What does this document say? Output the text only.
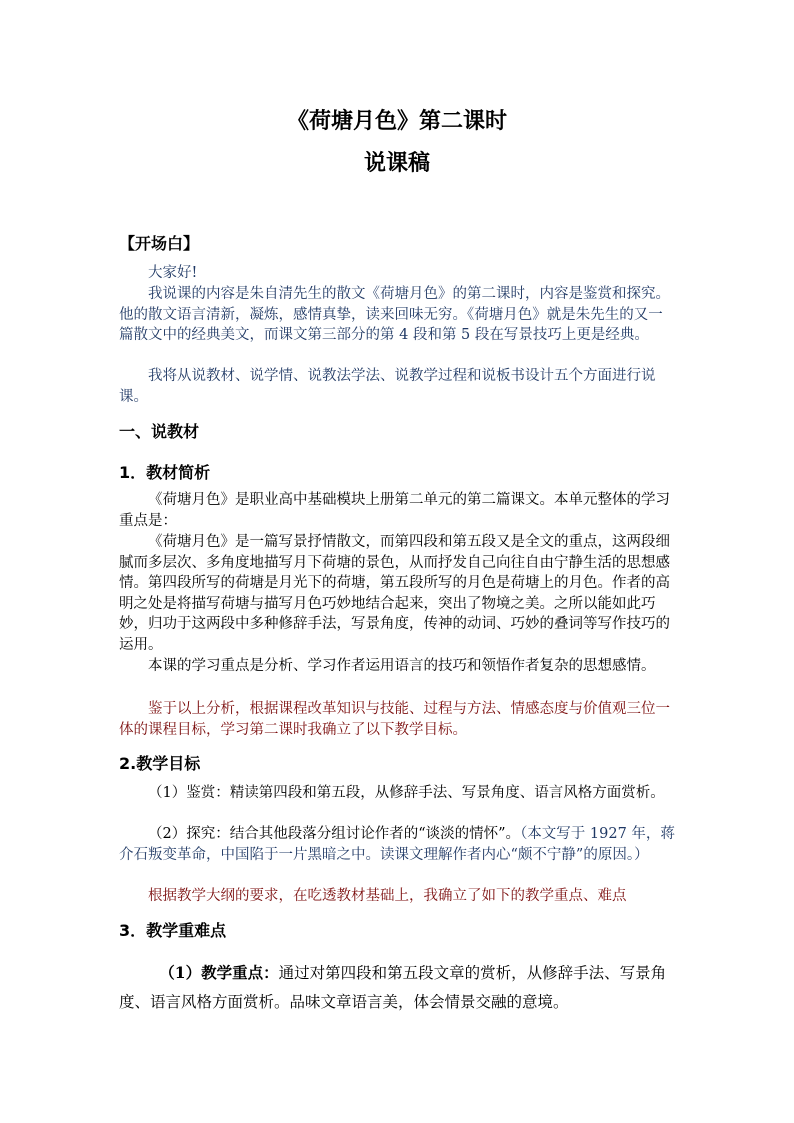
《荷塘月色》第二课时
说课稿
【开场白】

大家好!

我说课的内容是朱自清先生的散文《荷塘月色》的第二课时，内容是鉴赏和探究。他的散文语言清新，凝炼，感情真挚，读来回味无穷。《荷塘月色》就是朱先生的又一篇散文中的经典美文，而课文第三部分的第 4 段和第 5 段在写景技巧上更是经典。

我将从说教材、说学情、说教法学法、说教学过程和说板书设计五个方面进行说课。

一、说教材
1．教材简析

《荷塘月色》是职业高中基础模块上册第二单元的第二篇课文。本单元整体的学习重点是：

《荷塘月色》是一篇写景抒情散文，而第四段和第五段又是全文的重点，这两段细腻而多层次、多角度地描写月下荷塘的景色，从而抒发自己向往自由宁静生活的思想感情。第四段所写的荷塘是月光下的荷塘，第五段所写的月色是荷塘上的月色。作者的高明之处是将描写荷塘与描写月色巧妙地结合起来，突出了物境之美。之所以能如此巧妙，归功于这两段中多种修辞手法，写景角度，传神的动词、巧妙的叠词等写作技巧的运用。

本课的学习重点是分析、学习作者运用语言的技巧和领悟作者复杂的思想感情。

鉴于以上分析，根据课程改革知识与技能、过程与方法、情感态度与价值观三位一体的课程目标，学习第二课时我确立了以下教学目标。

2.教学目标

（1）鉴赏：精读第四段和第五段，从修辞手法、写景角度、语言风格方面赏析。

（2）探究：结合其他段落分组讨论作者的“谈淡的情怀”。（本文写于 1927 年，蒋介石叛变革命，中国陷于一片黑暗之中。读课文理解作者内心“颇不宁静”的原因。）

根据教学大纲的要求，在吃透教材基础上，我确立了如下的教学重点、难点

3．教学重难点

（1）教学重点：通过对第四段和第五段文章的赏析，从修辞手法、写景角度、语言风格方面赏析。品味文章语言美，体会情景交融的意境。
